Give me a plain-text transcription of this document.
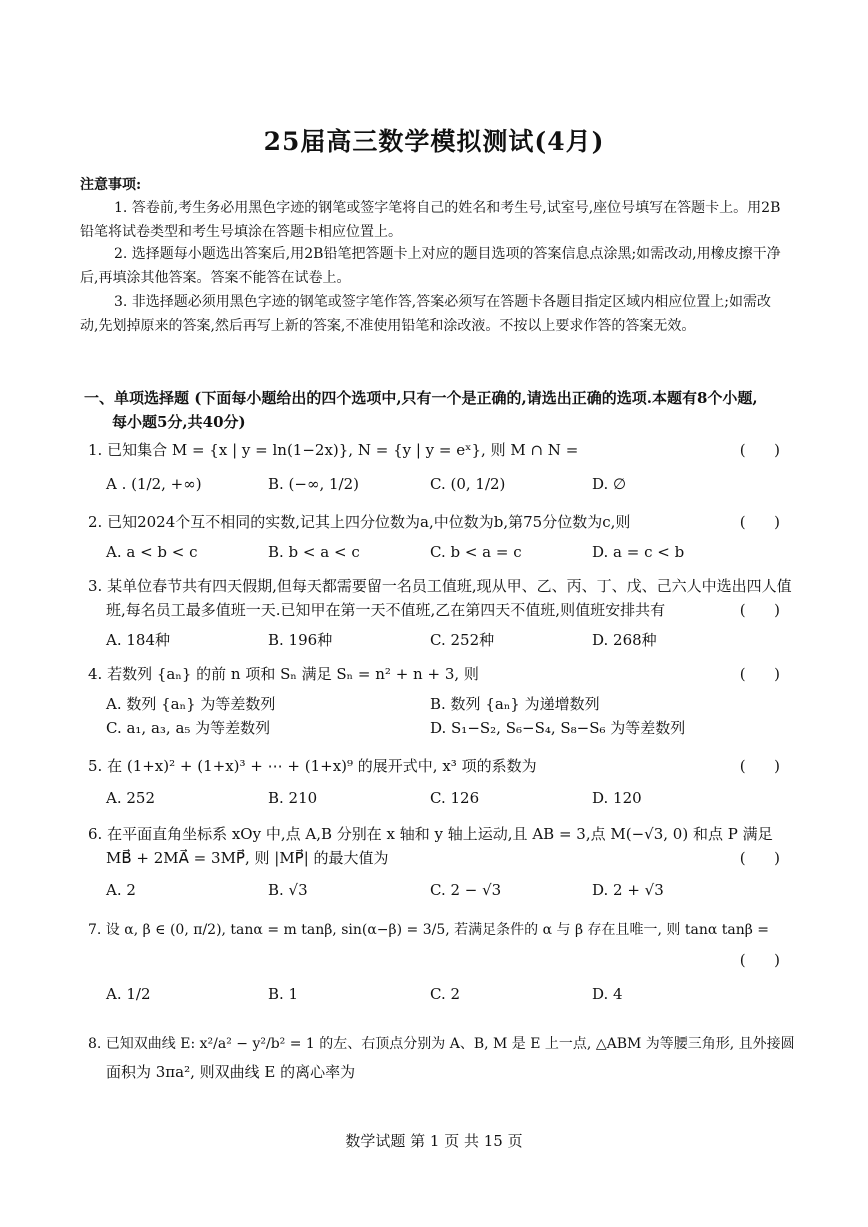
25届高三数学模拟测试(4月)
注意事项:
1. 答卷前,考生务必用黑色字迹的钢笔或签字笔将自己的姓名和考生号,试室号,座位号填写在答题卡上。用2B铅笔将试卷类型和考生号填涂在答题卡相应位置上。
2. 选择题每小题选出答案后,用2B铅笔把答题卡上对应的题目选项的答案信息点涂黑;如需改动,用橡皮擦干净后,再填涂其他答案。答案不能答在试卷上。
3. 非选择题必须用黑色字迹的钢笔或签字笔作答,答案必须写在答题卡各题目指定区域内相应位置上;如需改动,先划掉原来的答案,然后再写上新的答案,不准使用铅笔和涂改液。不按以上要求作答的答案无效。
一、单项选择题 (下面每小题给出的四个选项中,只有一个是正确的,请选出正确的选项.本题有8个小题,
每小题5分,共40分)
1. 已知集合 M = {x | y = ln(1−2x)}, N = {y | y = eˣ}, 则 M ∩ N =	(      )
A . (1/2, +∞)	B. (−∞, 1/2)	C. (0, 1/2)	D. ∅
2. 已知2024个互不相同的实数,记其上四分位数为a,中位数为b,第75分位数为c,则	(      )
A. a < b < c	B. b < a < c	C. b < a = c	D. a = c < b
3. 某单位春节共有四天假期,但每天都需要留一名员工值班,现从甲、乙、丙、丁、戊、己六人中选出四人值
班,每名员工最多值班一天.已知甲在第一天不值班,乙在第四天不值班,则值班安排共有	(      )
A. 184种	B. 196种	C. 252种	D. 268种
4. 若数列 {aₙ} 的前 n 项和 Sₙ 满足 Sₙ = n² + n + 3, 则	(      )
A. 数列 {aₙ} 为等差数列	B. 数列 {aₙ} 为递增数列
C. a₁, a₃, a₅ 为等差数列	D. S₁−S₂, S₆−S₄, S₈−S₆ 为等差数列
5. 在 (1+x)² + (1+x)³ + ⋯ + (1+x)⁹ 的展开式中, x³ 项的系数为	(      )
A. 252	B. 210	C. 126	D. 120
6. 在平面直角坐标系 xOy 中,点 A,B 分别在 x 轴和 y 轴上运动,且 AB = 3,点 M(−√3, 0) 和点 P 满足
MB⃗ + 2MA⃗ = 3MP⃗, 则 |MP⃗| 的最大值为	(      )
A. 2	B. √3	C. 2 − √3	D. 2 + √3
7. 设 α, β ∈ (0, π/2), tanα = m tanβ, sin(α−β) = 3/5, 若满足条件的 α 与 β 存在且唯一, 则 tanα tanβ =
(      )
A. 1/2	B. 1	C. 2	D. 4
8. 已知双曲线 E: x²/a² − y²/b² = 1 的左、右顶点分别为 A、B, M 是 E 上一点, △ABM 为等腰三角形, 且外接圆
面积为 3πa², 则双曲线 E 的离心率为
数学试题 第 1 页 共 15 页
